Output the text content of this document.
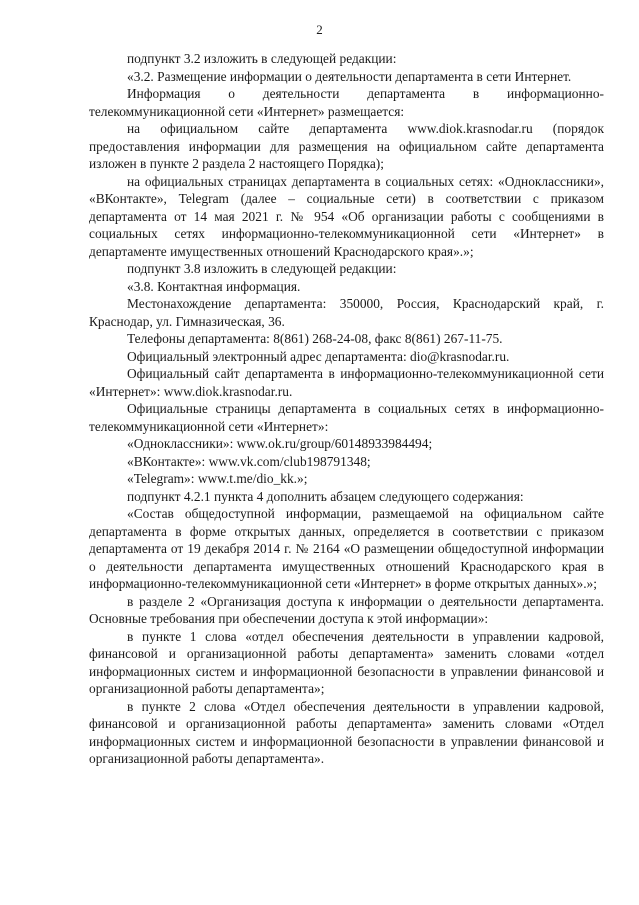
2

подпункт 3.2 изложить в следующей редакции:

«3.2. Размещение информации о деятельности департамента в сети Интернет.

Информация о деятельности департамента в информационно-телекоммуникационной сети «Интернет» размещается:

на официальном сайте департамента www.diok.krasnodar.ru (порядок предоставления информации для размещения на официальном сайте департамента изложен в пункте 2 раздела 2 настоящего Порядка);

на официальных страницах департамента в социальных сетях: «Одноклассники», «ВКонтакте», Telegram (далее – социальные сети) в соответствии с приказом департамента от 14 мая 2021 г. № 954 «Об организации работы с сообщениями в социальных сетях информационно-телекоммуникационной сети «Интернет» в департаменте имущественных отношений Краснодарского края».»;

подпункт 3.8 изложить в следующей редакции:

«3.8. Контактная информация.

Местонахождение департамента: 350000, Россия, Краснодарский край, г. Краснодар, ул. Гимназическая, 36.

Телефоны департамента: 8(861) 268-24-08, факс 8(861) 267-11-75.

Официальный электронный адрес департамента: dio@krasnodar.ru.

Официальный сайт департамента в информационно-телекоммуникационной сети «Интернет»: www.diok.krasnodar.ru.

Официальные страницы департамента в социальных сетях в информационно-телекоммуникационной сети «Интернет»:

«Одноклассники»: www.ok.ru/group/60148933984494;

«ВКонтакте»: www.vk.com/club198791348;

«Telegram»: www.t.me/dio_kk.»;

подпункт 4.2.1 пункта 4 дополнить абзацем следующего содержания:

«Состав общедоступной информации, размещаемой на официальном сайте департамента в форме открытых данных, определяется в соответствии с приказом департамента от 19 декабря 2014 г. № 2164 «О размещении общедоступной информации о деятельности департамента имущественных отношений Краснодарского края в информационно-телекоммуникационной сети «Интернет» в форме открытых данных».»;

в разделе 2 «Организация доступа к информации о деятельности департамента. Основные требования при обеспечении доступа к этой информации»:

в пункте 1 слова «отдел обеспечения деятельности в управлении кадровой, финансовой и организационной работы департамента» заменить словами «отдел информационных систем и информационной безопасности в управлении финансовой и организационной работы департамента»;

в пункте 2 слова «Отдел обеспечения деятельности в управлении кадровой, финансовой и организационной работы департамента» заменить словами «Отдел информационных систем и информационной безопасности в управлении финансовой и организационной работы департамента».
